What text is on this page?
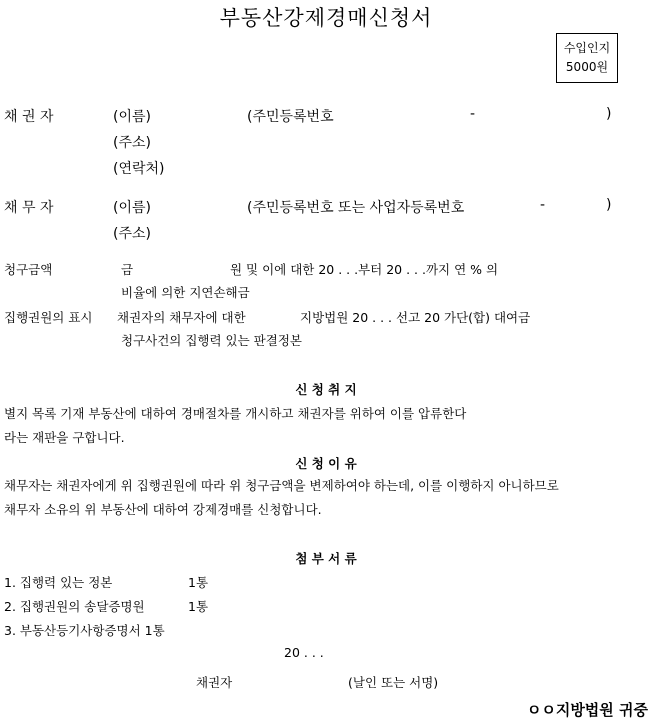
부동산강제경매신청서
수입인지
5000원
채 권 자	(이름)	(주민등록번호	-	)
(주소)
(연락처)
채 무 자	(이름)	(주민등록번호 또는 사업자등록번호	-	)
(주소)
청구금액	금	원 및 이에 대한 20 . . .부터 20 . . .까지 연 % 의
비율에 의한 지연손해금
집행권원의 표시 채권자의 채무자에 대한	지방법원 20 . . . 선고 20 가단(합) 대여금
청구사건의 집행력 있는 판결정본
신 청 취 지
별지 목록 기재 부동산에 대하여 경매절차를 개시하고 채권자를 위하여 이를 압류한다
라는 재판을 구합니다.
신 청 이 유
채무자는 채권자에게 위 집행권원에 따라 위 청구금액을 변제하여야 하는데, 이를 이행하지 아니하므로
채무자 소유의 위 부동산에 대하여 강제경매를 신청합니다.
첨 부 서 류
1. 집행력 있는 정본	1통
2. 집행권원의 송달증명원	1통
3. 부동산등기사항증명서 1통
20 . . .
채권자	(날인 또는 서명)
ㅇㅇ지방법원 귀중
